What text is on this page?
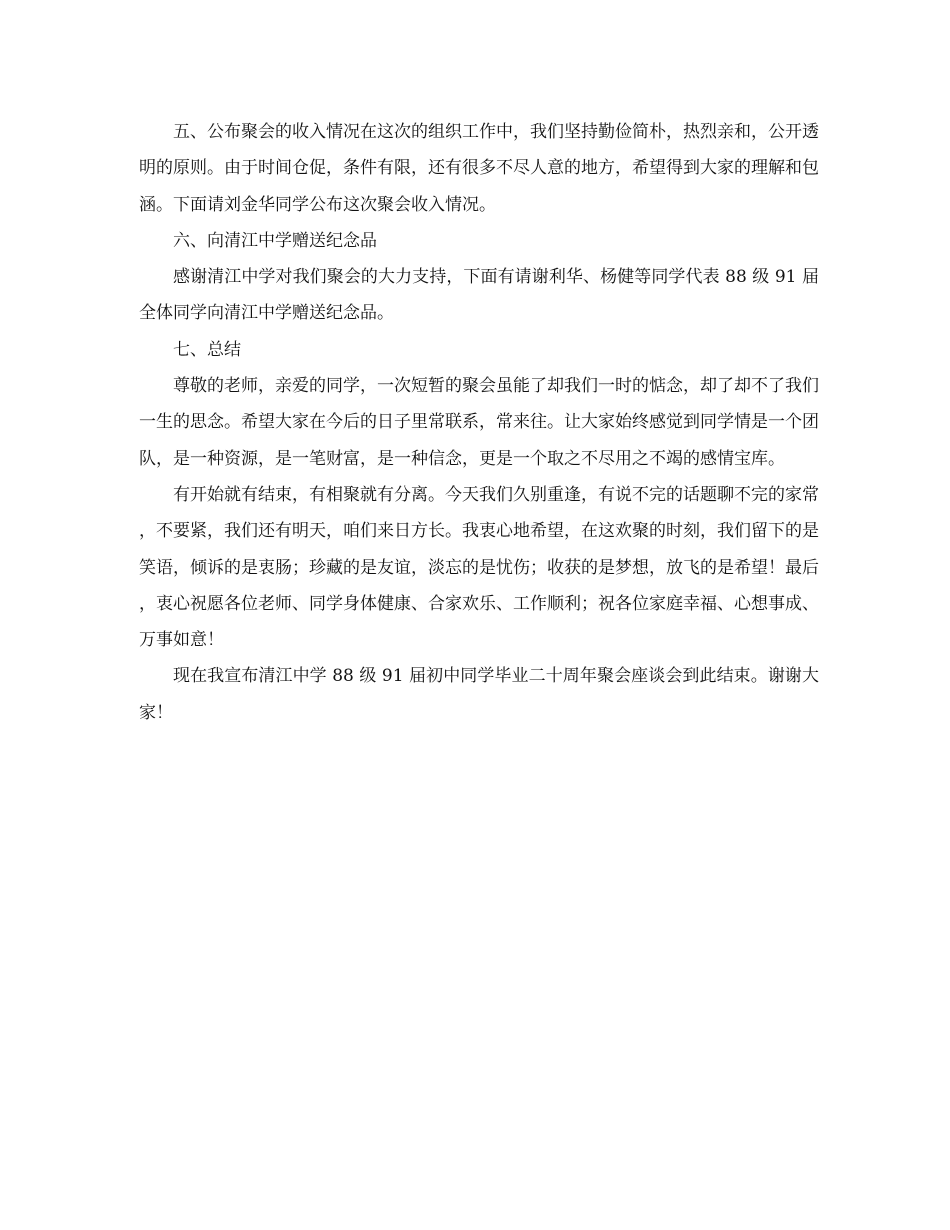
五、公布聚会的收入情况在这次的组织工作中，我们坚持勤俭简朴，热烈亲和，公开透明的原则。由于时间仓促，条件有限，还有很多不尽人意的地方，希望得到大家的理解和包涵。下面请刘金华同学公布这次聚会收入情况。

六、向清江中学赠送纪念品

感谢清江中学对我们聚会的大力支持，下面有请谢利华、杨健等同学代表 88 级 91 届全体同学向清江中学赠送纪念品。

七、总结

尊敬的老师，亲爱的同学，一次短暂的聚会虽能了却我们一时的惦念，却了却不了我们一生的思念。希望大家在今后的日子里常联系，常来往。让大家始终感觉到同学情是一个团队，是一种资源，是一笔财富，是一种信念，更是一个取之不尽用之不竭的感情宝库。

有开始就有结束，有相聚就有分离。今天我们久别重逢，有说不完的话题聊不完的家常，不要紧，我们还有明天，咱们来日方长。我衷心地希望，在这欢聚的时刻，我们留下的是笑语，倾诉的是衷肠；珍藏的是友谊，淡忘的是忧伤；收获的是梦想，放飞的是希望！最后，衷心祝愿各位老师、同学身体健康、合家欢乐、工作顺利；祝各位家庭幸福、心想事成、万事如意！

现在我宣布清江中学 88 级 91 届初中同学毕业二十周年聚会座谈会到此结束。谢谢大家！
